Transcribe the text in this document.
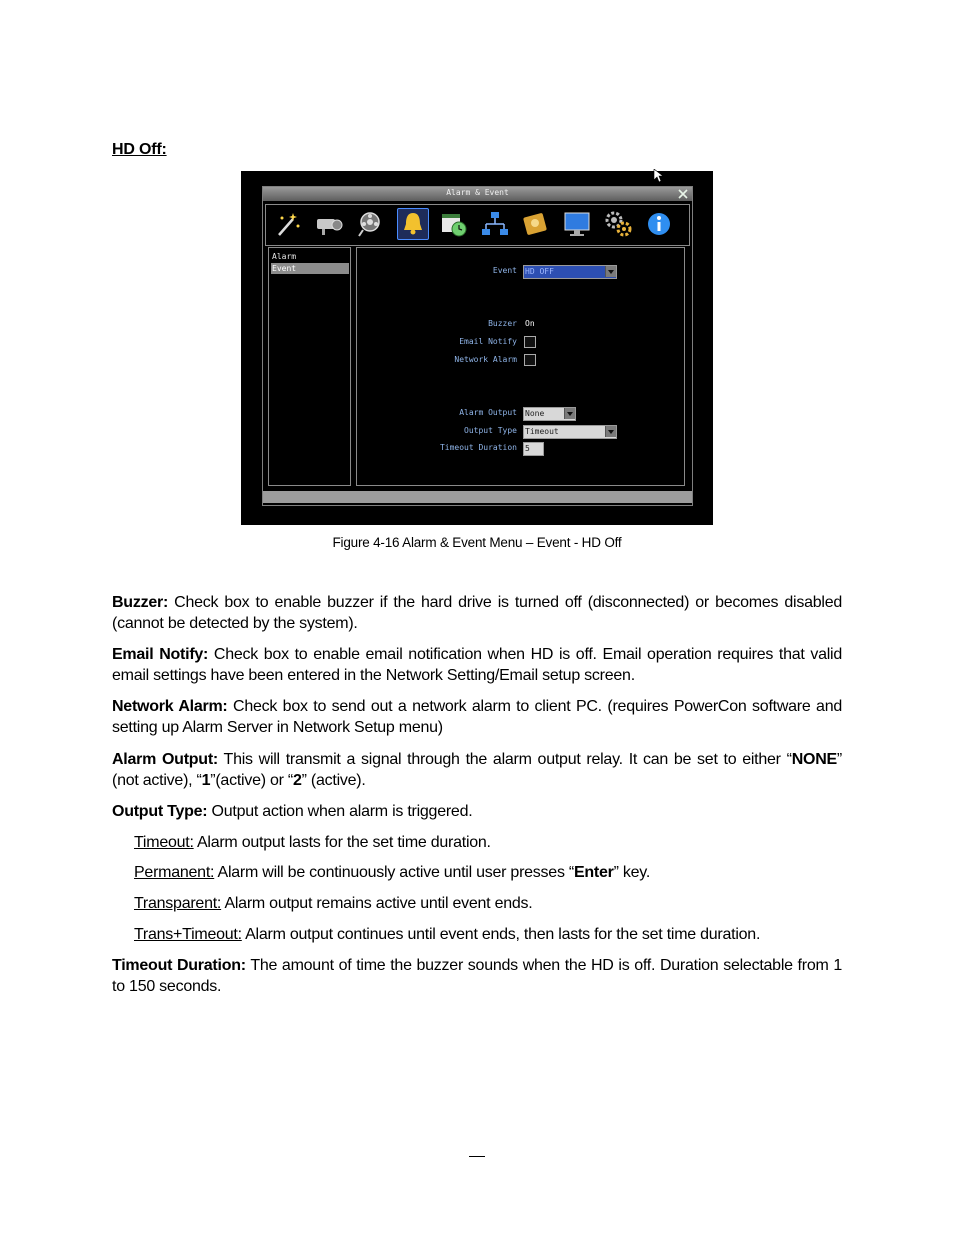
HD Off:
Alarm & Event
Alarm
Event	Event HD OFF
Buzzer On
Email Notify
Network Alarm
Alarm Output None
Output Type Timeout
Timeout Duration 5
Figure 4-16 Alarm & Event Menu – Event - HD Off
Buzzer: Check box to enable buzzer if the hard drive is turned off (disconnected) or becomes disabled (cannot be detected by the system).
Email Notify: Check box to enable email notification when HD is off. Email operation requires that valid email settings have been entered in the Network Setting/Email setup screen.
Network Alarm: Check box to send out a network alarm to client PC. (requires PowerCon software and setting up Alarm Server in Network Setup menu)
Alarm Output: This will transmit a signal through the alarm output relay. It can be set to either “NONE” (not active), “1”(active) or “2” (active).
Output Type: Output action when alarm is triggered.
Timeout: Alarm output lasts for the set time duration.
Permanent: Alarm will be continuously active until user presses “Enter” key.
Transparent: Alarm output remains active until event ends.
Trans+Timeout: Alarm output continues until event ends, then lasts for the set time duration.
Timeout Duration: The amount of time the buzzer sounds when the HD is off. Duration selectable from 1 to 150 seconds.
